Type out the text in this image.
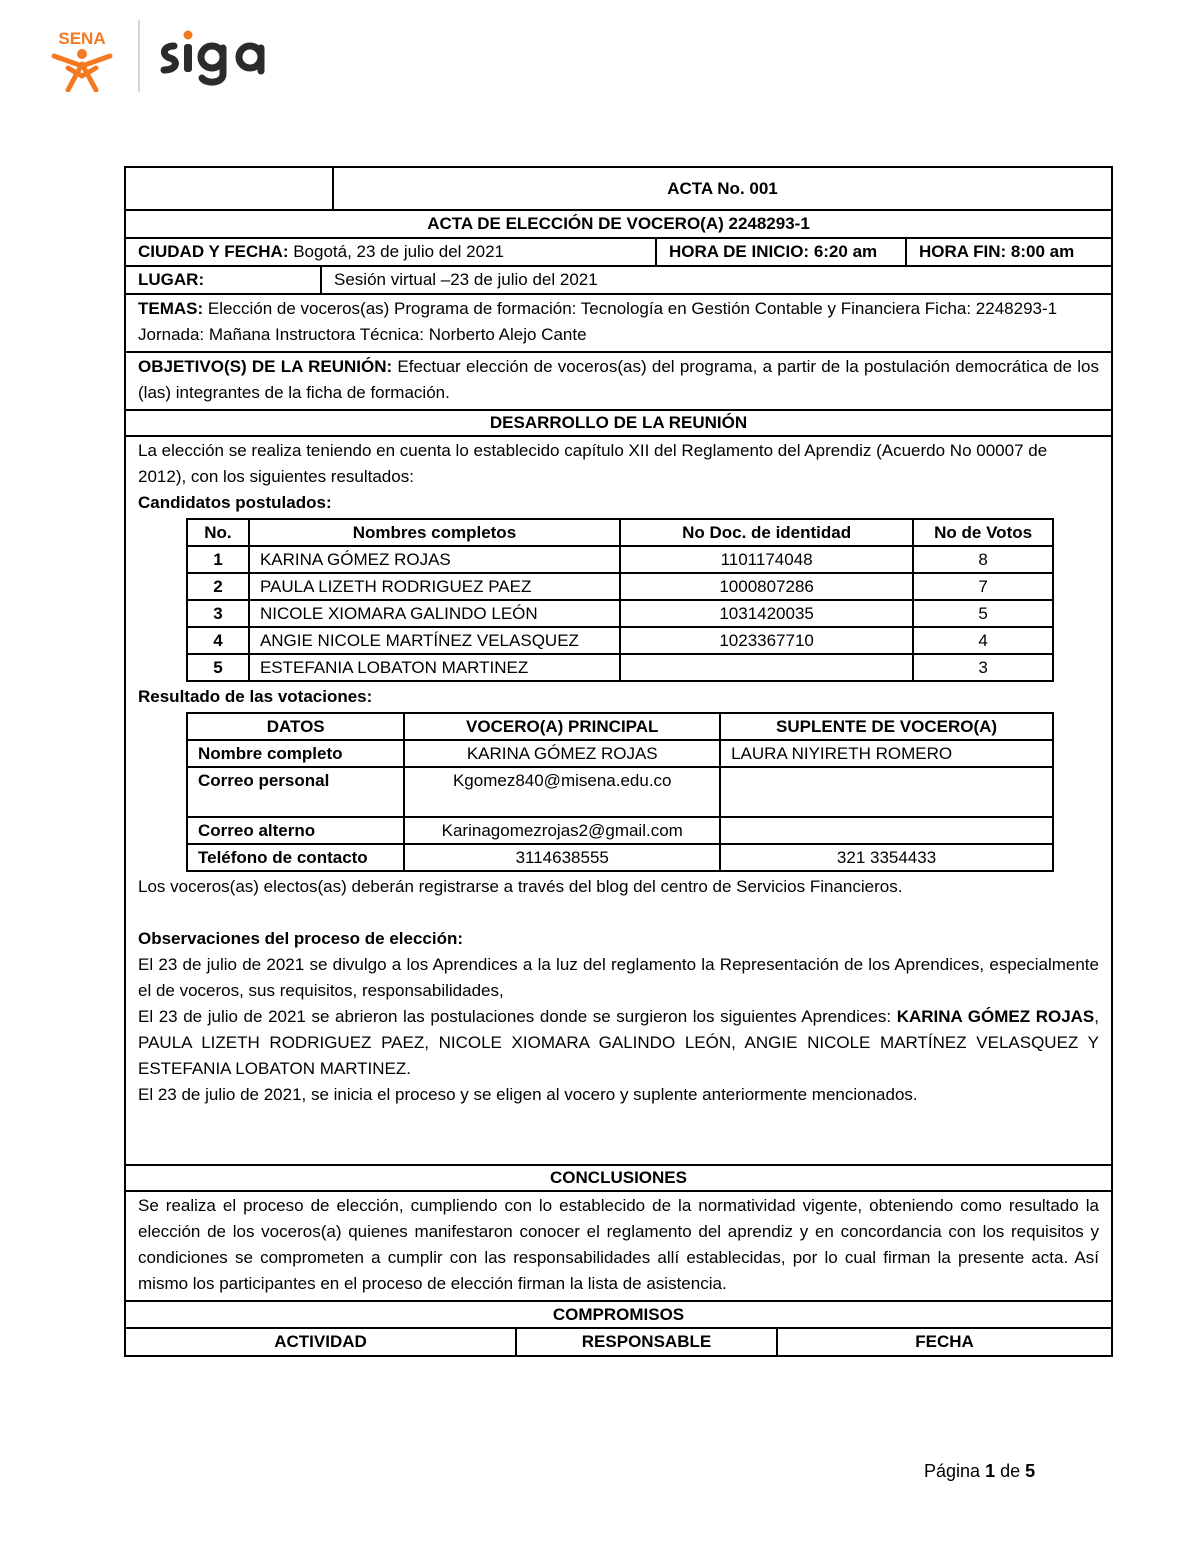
SENA
ACTA No. 001
ACTA DE ELECCIÓN DE VOCERO(A) 2248293-1
CIUDAD Y FECHA: Bogotá, 23 de julio del 2021	HORA DE INICIO: 6:20 am HORA FIN: 8:00 am
LUGAR:	Sesión virtual –23 de julio del 2021

TEMAS: Elección de voceros(as) Programa de formación: Tecnología en Gestión Contable y Financiera Ficha: 2248293-1

Jornada: Mañana Instructora Técnica: Norberto Alejo Cante

OBJETIVO(S) DE LA REUNIÓN: Efectuar elección de voceros(as) del programa, a partir de la postulación democrática de los (las) integrantes de la ficha de formación.
DESARROLLO DE LA REUNIÓN

La elección se realiza teniendo en cuenta lo establecido capítulo XII del Reglamento del Aprendiz (Acuerdo No 00007 de 2012), con los siguientes resultados:

Candidatos postulados:

No.	Nombres completos	No Doc. de identidad	No de Votos
1	KARINA GÓMEZ ROJAS	1101174048	8
2	PAULA LIZETH RODRIGUEZ PAEZ	1000807286	7
3	NICOLE XIOMARA GALINDO LEÓN	1031420035	5
4	ANGIE NICOLE MARTÍNEZ VELASQUEZ	1023367710	4
5	ESTEFANIA LOBATON MARTINEZ		3

Resultado de las votaciones:

DATOS	VOCERO(A) PRINCIPAL	SUPLENTE DE VOCERO(A)
Nombre completo	KARINA GÓMEZ ROJAS	LAURA NIYIRETH ROMERO
Correo personal	Kgomez840@misena.edu.co	
Correo alterno	Karinagomezrojas2@gmail.com	
Teléfono de contacto	3114638555	321 3354433

Los voceros(as) electos(as) deberán registrarse a través del blog del centro de Servicios Financieros.

Observaciones del proceso de elección:

El 23 de julio de 2021 se divulgo a los Aprendices a la luz del reglamento la Representación de los Aprendices, especialmente el de voceros, sus requisitos, responsabilidades,

El 23 de julio de 2021 se abrieron las postulaciones donde se surgieron los siguientes Aprendices: KARINA GÓMEZ ROJAS, PAULA LIZETH RODRIGUEZ PAEZ, NICOLE XIOMARA GALINDO LEÓN, ANGIE NICOLE MARTÍNEZ VELASQUEZ Y ESTEFANIA LOBATON MARTINEZ.

El 23 de julio de 2021, se inicia el proceso y se eligen al vocero y suplente anteriormente mencionados.

CONCLUSIONES
Se realiza el proceso de elección, cumpliendo con lo establecido de la normatividad vigente, obteniendo como resultado la elección de los voceros(a) quienes manifestaron conocer el reglamento del aprendiz y en concordancia con los requisitos y condiciones se comprometen a cumplir con las responsabilidades allí establecidas, por lo cual firman la presente acta. Así mismo los participantes en el proceso de elección firman la lista de asistencia.
COMPROMISOS
ACTIVIDAD	RESPONSABLE	FECHA
Página 1 de 5
